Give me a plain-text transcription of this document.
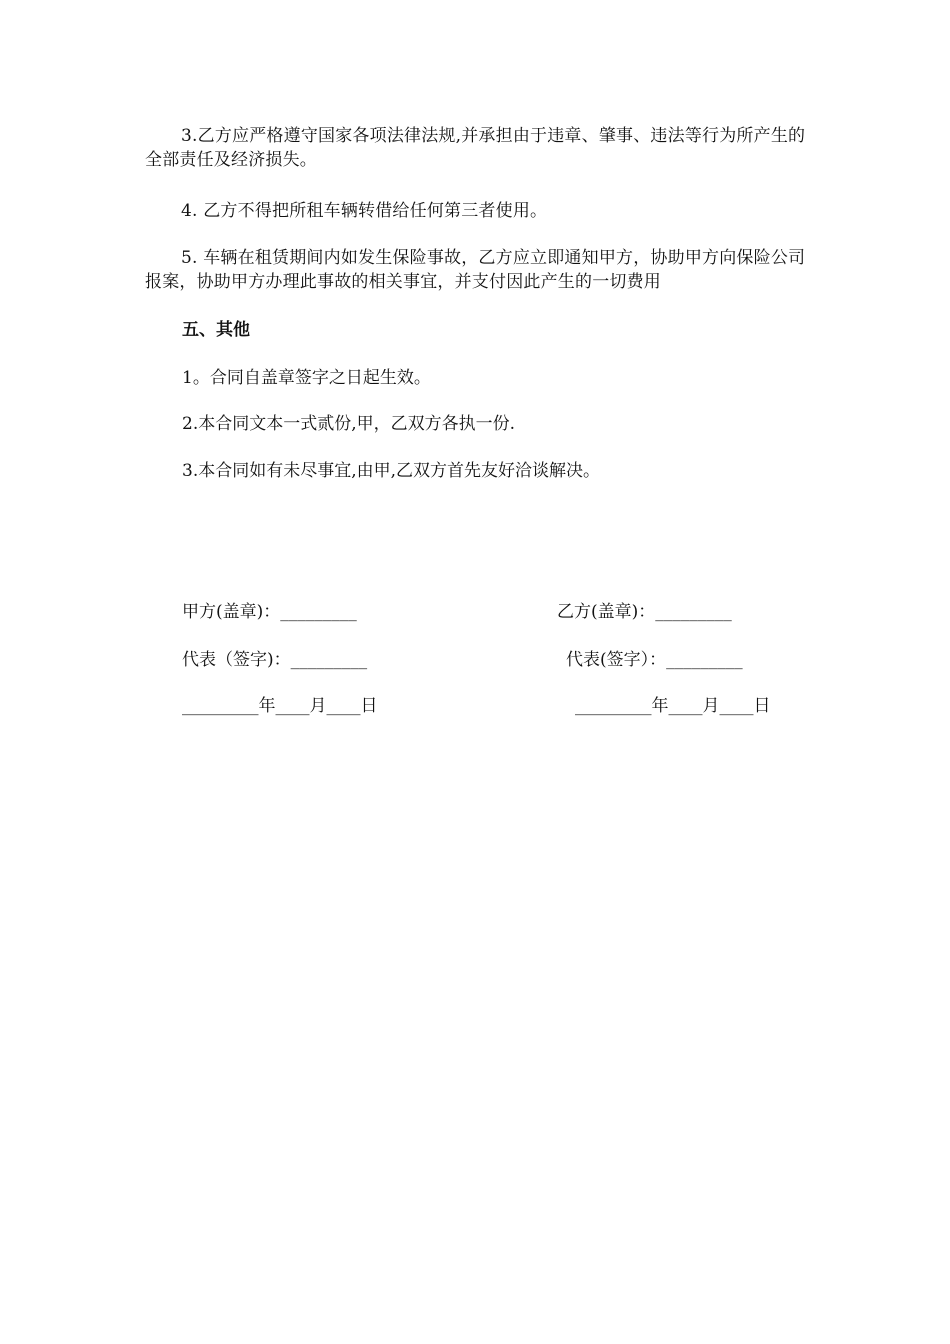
3.乙方应严格遵守国家各项法律法规,并承担由于违章、肇事、违法等行为所产生的全部责任及经济损失。
4. 乙方不得把所租车辆转借给任何第三者使用。
5. 车辆在租赁期间内如发生保险事故，乙方应立即通知甲方，协助甲方向保险公司报案，协助甲方办理此事故的相关事宜，并支付因此产生的一切费用
五、其他
1。合同自盖章签字之日起生效。
2.本合同文本一式贰份,甲，乙双方各执一份.
3.本合同如有未尽事宜,由甲,乙双方首先友好洽谈解决。
甲方(盖章)：_________	乙方(盖章)：_________
代表（签字)：_________	代表(签字）：_________
_________年____月____日	_________年____月____日
